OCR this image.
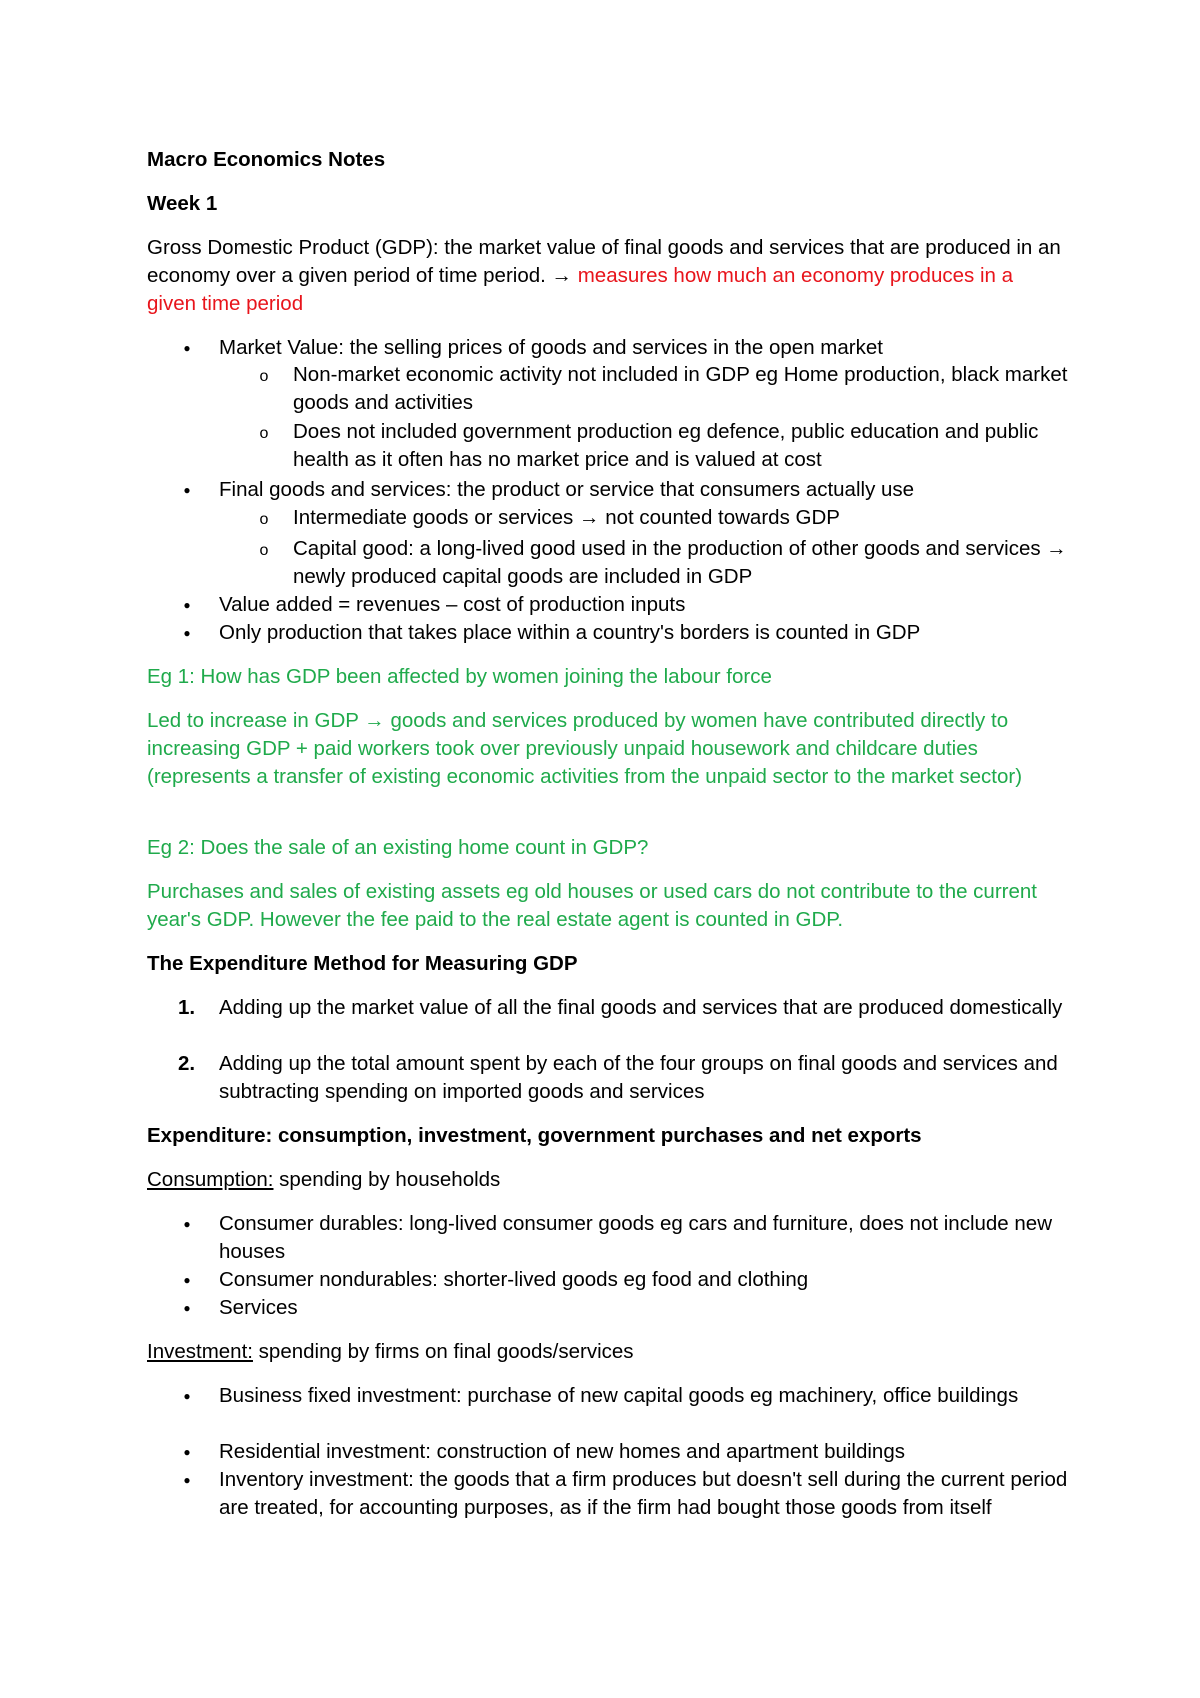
Macro Economics Notes

Week 1

Gross Domestic Product (GDP): the market value of final goods and services that are produced in an economy over a given period of time period. → measures how much an economy produces in a given time period

●	Market Value: the selling prices of goods and services in the open market
o	Non-market economic activity not included in GDP eg Home production, black market goods and activities
o	Does not included government production eg defence, public education and public health as it often has no market price and is valued at cost
●	Final goods and services: the product or service that consumers actually use
o	Intermediate goods or services → not counted towards GDP
o	Capital good: a long-lived good used in the production of other goods and services → newly produced capital goods are included in GDP
●	Value added = revenues – cost of production inputs
●	Only production that takes place within a country's borders is counted in GDP

Eg 1: How has GDP been affected by women joining the labour force

Led to increase in GDP → goods and services produced by women have contributed directly to increasing GDP + paid workers took over previously unpaid housework and childcare duties (represents a transfer of existing economic activities from the unpaid sector to the market sector)

Eg 2: Does the sale of an existing home count in GDP?

Purchases and sales of existing assets eg old houses or used cars do not contribute to the current year's GDP. However the fee paid to the real estate agent is counted in GDP.

The Expenditure Method for Measuring GDP

1.	Adding up the market value of all the final goods and services that are produced domestically
2.	Adding up the total amount spent by each of the four groups on final goods and services and subtracting spending on imported goods and services

Expenditure: consumption, investment, government purchases and net exports

Consumption: spending by households

●	Consumer durables: long-lived consumer goods eg cars and furniture, does not include new houses
●	Consumer nondurables: shorter-lived goods eg food and clothing
●	Services

Investment: spending by firms on final goods/services

●	Business fixed investment: purchase of new capital goods eg machinery, office buildings
●	Residential investment: construction of new homes and apartment buildings
●	Inventory investment: the goods that a firm produces but doesn't sell during the current period are treated, for accounting purposes, as if the firm had bought those goods from itself
